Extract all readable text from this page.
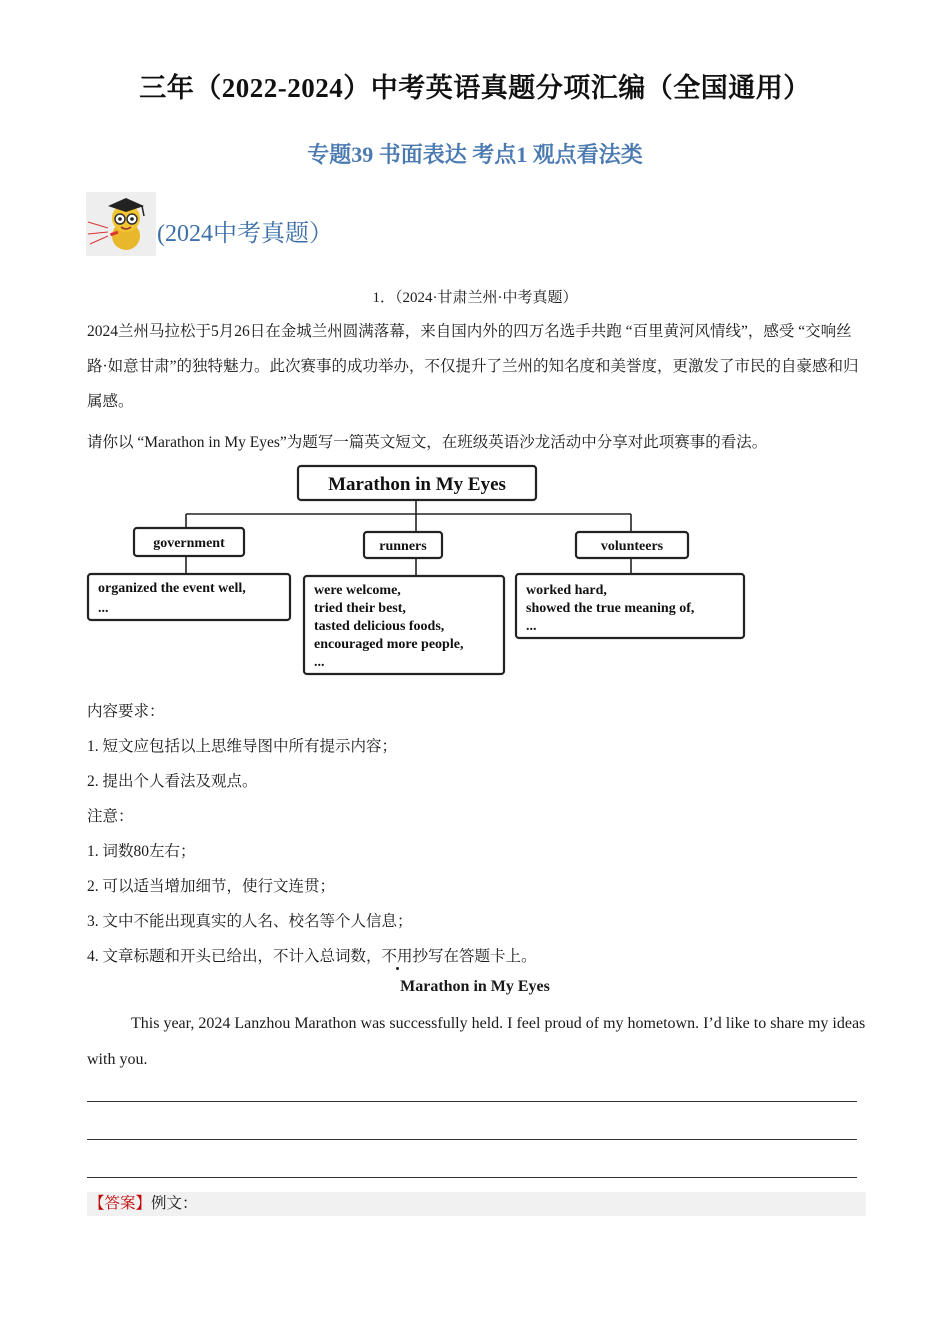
三年（2022-2024）中考英语真题分项汇编（全国通用）
专题39 书面表达 考点1 观点看法类
(2024中考真题）
1．（2024·甘肃兰州·中考真题）
2024兰州马拉松于5月26日在金城兰州圆满落幕，来自国内外的四万名选手共跑 “百里黄河风情线”，感受 “交响丝路·如意甘肃”的独特魅力。此次赛事的成功举办，不仅提升了兰州的知名度和美誉度，更激发了市民的自豪感和归属感。
请你以 “Marathon in My Eyes”为题写一篇英文短文，在班级英语沙龙活动中分享对此项赛事的看法。
Marathon in My Eyes
government	runners	volunteers
organized the event well,
...
were welcome,
tried their best,
tasted delicious foods,
encouraged more people,
...
worked hard,
showed the true meaning of,
...
内容要求：
1. 短文应包括以上思维导图中所有提示内容；
2. 提出个人看法及观点。
注意：
1. 词数80左右；
2. 可以适当增加细节，使行文连贯；
3. 文中不能出现真实的人名、校名等个人信息；
4. 文章标题和开头已给出，不计入总词数，不用抄写在答题卡上。
Marathon in My Eyes
This year, 2024 Lanzhou Marathon was successfully held. I feel proud of my hometown. I’d like to share my ideas with you.
【答案】例文：
